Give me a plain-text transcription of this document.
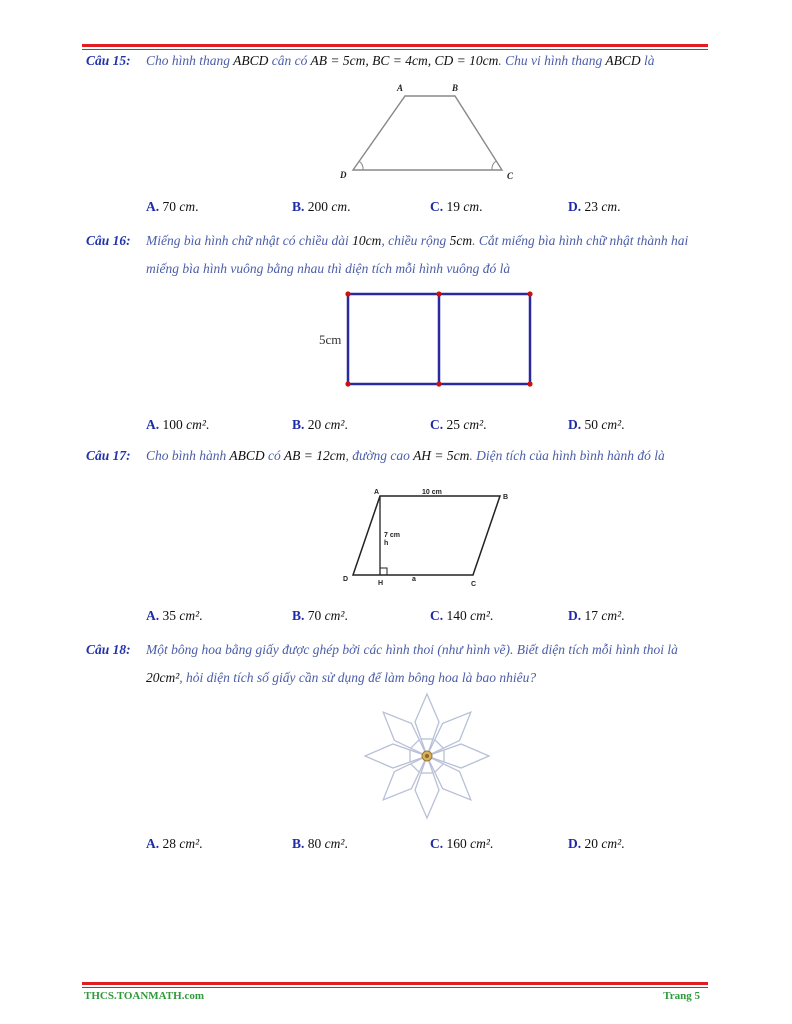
Câu 15: Cho hình thang ABCD cân có AB = 5cm, BC = 4cm, CD = 10cm. Chu vi hình thang ABCD là
A	B
C
D
A. 70 cm.	B. 200 cm.	C. 19 cm.	D. 23 cm.
Câu 16: Miếng bìa hình chữ nhật có chiều dài 10cm, chiều rộng 5cm. Cắt miếng bìa hình chữ nhật thành hai miếng bìa hình vuông bằng nhau thì diện tích mỗi hình vuông đó là
5cm
A. 100 cm².	B. 20 cm².	C. 25 cm².	D. 50 cm².
Câu 17: Cho bình hành ABCD có AB = 12cm, đường cao AH = 5cm. Diện tích của hình bình hành đó là
A
B
C
D
H
10 cm
7 cm
h
a
A. 35 cm².	B. 70 cm².	C. 140 cm².	D. 17 cm².
Câu 18: Một bông hoa bằng giấy được ghép bởi các hình thoi (như hình vẽ). Biết diện tích mỗi hình thoi là 20cm², hỏi diện tích số giấy cần sử dụng để làm bông hoa là bao nhiêu?
A. 28 cm².	B. 80 cm².	C. 160 cm².	D. 20 cm².
THCS.TOANMATH.com	Trang 5
